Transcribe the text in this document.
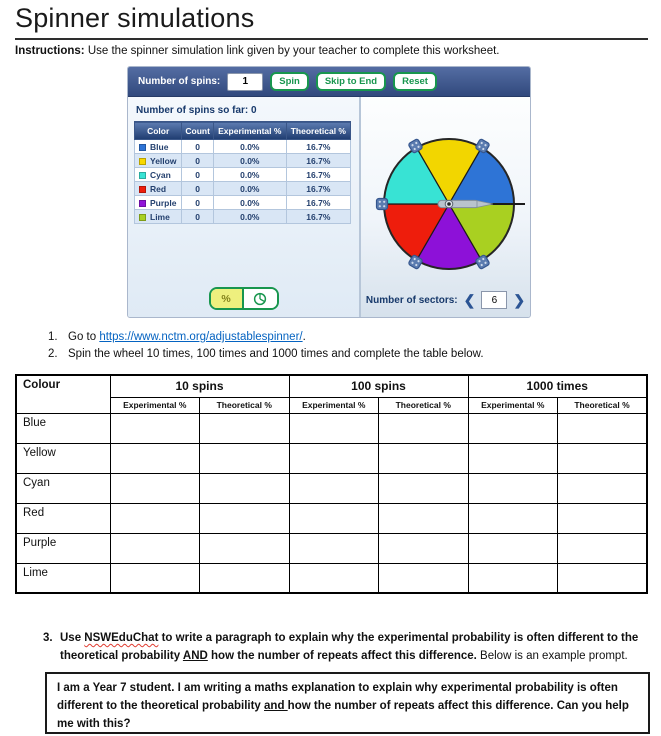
Spinner simulations
Instructions: Use the spinner simulation link given by your teacher to complete this worksheet.
Number of spins:
1	Spin	Skip to End	Reset
Number of spins so far: 0
Color	Count	Experimental %	Theoretical %
Blue	0	0.0%	16.7%
Yellow	0	0.0%	16.7%
Cyan	0	0.0%	16.7%
Red	0	0.0%	16.7%
Purple	0	0.0%	16.7%
Lime	0	0.0%	16.7%
%	Number of sectors: ❮
6	❯
1. Go to https://www.nctm.org/adjustablespinner/.
2. Spin the wheel 10 times, 100 times and 1000 times and complete the table below.
Colour	10 spins		100 spins		1000 times	
	Experimental %	Theoretical %	Experimental %	Theoretical %	Experimental %	Theoretical %
Blue						
Yellow						
Cyan						
Red						
Purple						
Lime						
3. Use NSWEduChat to write a paragraph to explain why the experimental probability is often different to the theoretical probability AND how the number of repeats affect this difference. Below is an example prompt.
I am a Year 7 student. I am writing a maths explanation to explain why experimental probability is often different to the theoretical probability and how the number of repeats affect this difference. Can you help me with this?
